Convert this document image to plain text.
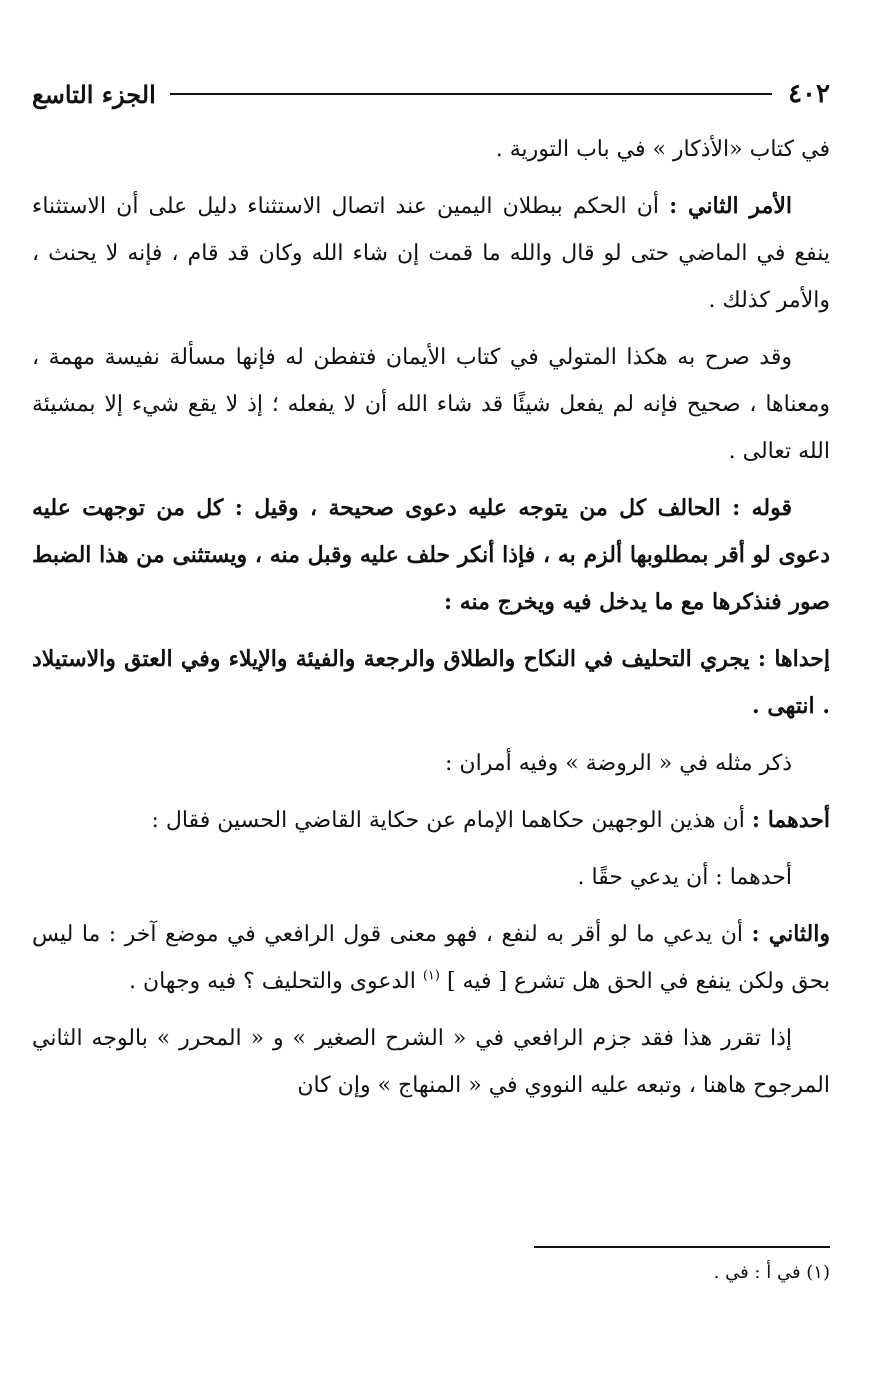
٤٠٢
الجزء التاسع

في كتاب «الأذكار » في باب التورية .

الأمر الثاني : أن الحكم ببطلان اليمين عند اتصال الاستثناء دليل على أن الاستثناء ينفع في الماضي حتى لو قال والله ما قمت إن شاء الله وكان قد قام ، فإنه لا يحنث ، والأمر كذلك .

وقد صرح به هكذا المتولي في كتاب الأيمان فتفطن له فإنها مسألة نفيسة مهمة ، ومعناها ، صحيح فإنه لم يفعل شيئًا قد شاء الله أن لا يفعله ؛ إذ لا يقع شيء إلا بمشيئة الله تعالى .

قوله : الحالف كل من يتوجه عليه دعوى صحيحة ، وقيل : كل من توجهت عليه دعوى لو أقر بمطلوبها ألزم به ، فإذا أنكر حلف عليه وقبل منه ، ويستثنى من هذا الضبط صور فنذكرها مع ما يدخل فيه ويخرج منه :

إحداها : يجري التحليف في النكاح والطلاق والرجعة والفيئة والإيلاء وفي العتق والاستيلاد . انتهى .

ذكر مثله في « الروضة » وفيه أمران :

أحدهما : أن هذين الوجهين حكاهما الإمام عن حكاية القاضي الحسين فقال :

أحدهما : أن يدعي حقًا .

والثاني : أن يدعي ما لو أقر به لنفع ، فهو معنى قول الرافعي في موضع آخر : ما ليس بحق ولكن ينفع في الحق هل تشرع [ فيه ] $^{(١)}$ الدعوى والتحليف ؟ فيه وجهان .

إذا تقرر هذا فقد جزم الرافعي في « الشرح الصغير » و « المحرر » بالوجه الثاني المرجوح هاهنا ، وتبعه عليه النووي في « المنهاج » وإن كان

(١) في أ : في .
